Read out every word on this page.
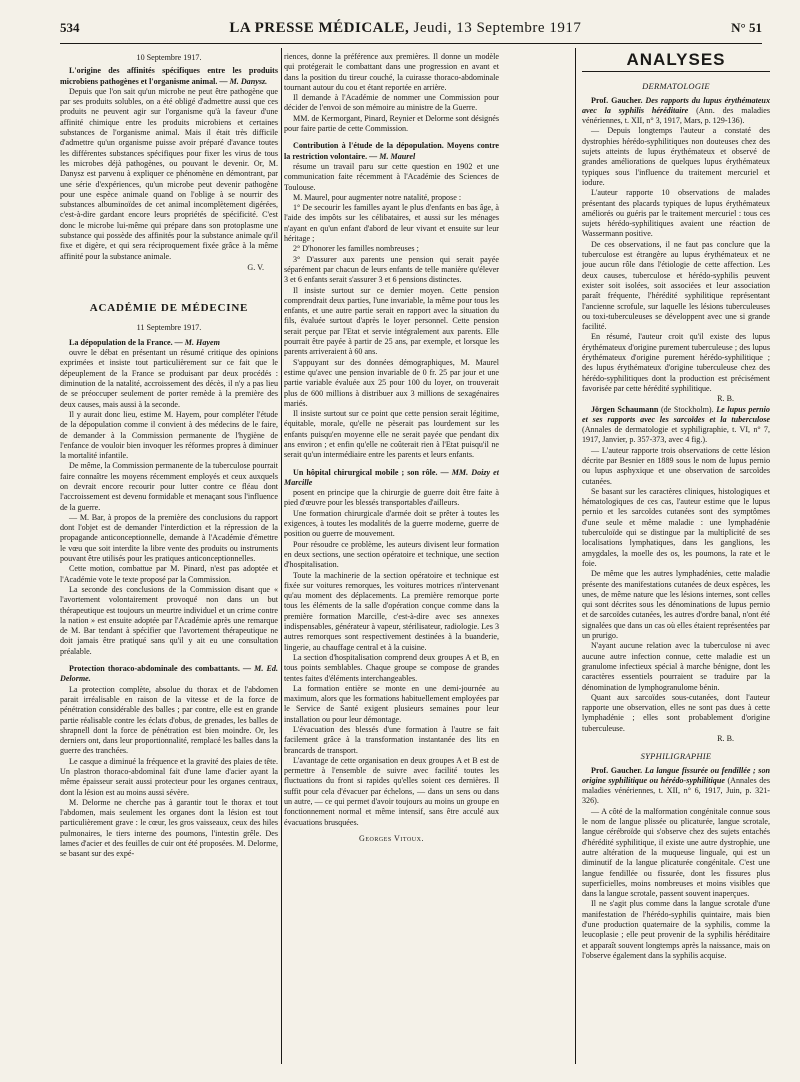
534	LA PRESSE MÉDICALE, Jeudi, 13 Septembre 1917	N° 51
10 Septembre 1917.

L'origine des affinités spécifiques entre les produits microbiens pathogènes et l'organisme animal. — M. Danysz.

Depuis que l'on sait qu'un microbe ne peut être pathogène que par ses produits solubles, on a été obligé d'admettre aussi que ces produits ne peuvent agir sur l'organisme qu'à la faveur d'une affinité chimique entre les produits microbiens et certaines substances de l'organisme animal. Mais il était très difficile d'admettre qu'un organisme puisse avoir préparé d'avance toutes les différentes substances spécifiques pour fixer les virus de tous les microbes déjà pathogènes, ou pouvant le devenir. Or, M. Danysz est parvenu à expliquer ce phénomène en démontrant, par une série d'expériences, qu'un microbe peut devenir pathogène pour une espèce animale quand on l'oblige à se nourrir des substances albuminoïdes de cet animal incomplètement digérées, c'est-à-dire gardant encore leurs propriétés de spécificité. C'est donc le microbe lui-même qui prépare dans son protoplasme une substance qui possède des affinités pour la substance animale qu'il fixe et digère, et qui sera réciproquement fixée grâce à la même affinité pour la substance animale.

G. V.
ACADÉMIE DE MÉDECINE
11 Septembre 1917.

La dépopulation de la France. — M. Hayem

ouvre le débat en présentant un résumé critique des opinions exprimées et insiste tout particulièrement sur ce fait que le dépeuplement de la France se produisant par deux procédés : diminution de la natalité, accroissement des décès, il n'y a pas lieu de se préoccuper seulement de porter remède à la première des deux causes, mais aussi à la seconde.

Il y aurait donc lieu, estime M. Hayem, pour compléter l'étude de la dépopulation comme il convient à des médecins de le faire, de demander à la Commission permanente de l'hygiène de l'enfance de vouloir bien invoquer les réformes propres à diminuer la mortalité infantile.

De même, la Commission permanente de la tuberculose pourrait faire connaître les moyens récemment employés et ceux auxquels on devrait encore recourir pour lutter contre ce fléau dont l'accroissement est devenu formidable et menaçant sous l'influence de la guerre.

— M. Bar, à propos de la première des conclusions du rapport dont l'objet est de demander l'interdiction et la répression de la propagande anticonceptionnelle, demande à l'Académie d'émettre le vœu que soit interdite la libre vente des produits ou instruments pouvant être utilisés pour les pratiques anticonceptionnelles.

Cette motion, combattue par M. Pinard, n'est pas adoptée et l'Académie vote le texte proposé par la Commission.

La seconde des conclusions de la Commission disant que « l'avortement volontairement provoqué non dans un but thérapeutique est toujours un meurtre individuel et un crime contre la nation » est ensuite adoptée par l'Académie après une remarque de M. Bar tendant à spécifier que l'avortement thérapeutique ne doit jamais être pratiqué sans qu'il y ait eu une consultation préalable.

Protection thoraco-abdominale des combattants. — M. Ed. Delorme.

La protection complète, absolue du thorax et de l'abdomen parait irréalisable en raison de la vitesse et de la force de pénétration considérable des balles ; par contre, elle est en grande partie réalisable contre les éclats d'obus, de grenades, les balles de shrapnell dont la force de pénétration est bien moindre. Or, les derniers ont, dans leur proportionnalité, remplacé les balles dans la guerre des tranchées.

Le casque a diminué la fréquence et la gravité des plaies de tête. Un plastron thoraco-abdominal fait d'une lame d'acier ayant la même épaisseur serait aussi protecteur pour les organes centraux, dont la lésion est au moins aussi sévère.

M. Delorme ne cherche pas à garantir tout le thorax et tout l'abdomen, mais seulement les organes dont la lésion est tout particulièrement grave : le cœur, les gros vaisseaux, ceux des hiles pulmonaires, le tiers interne des poumons, l'intestin grêle. Des lames d'acier et des feuilles de cuir ont été proposées. M. Delorme, se basant sur des expé-

riences, donne la préférence aux premières. Il donne un modèle qui protégerait le combattant dans une progression en avant et dans la position du tireur couché, la cuirasse thoraco-abdominale tournant autour du cou et étant reportée en arrière.

Il demande à l'Académie de nommer une Commission pour décider de l'envoi de son mémoire au ministre de la Guerre.

MM. de Kermorgant, Pinard, Reynier et Delorme sont désignés pour faire partie de cette Commission.

Contribution à l'étude de la dépopulation. Moyens contre la restriction volontaire. — M. Maurel

résume un travail paru sur cette question en 1902 et une communication faite récemment à l'Académie des Sciences de Toulouse.

M. Maurel, pour augmenter notre natalité, propose :

1° De secourir les familles ayant le plus d'enfants en bas âge, à l'aide des impôts sur les célibataires, et aussi sur les ménages n'ayant en qu'un enfant d'abord de leur vivant et ensuite sur leur héritage ;

2° D'honorer les familles nombreuses ;

3° D'assurer aux parents une pension qui serait payée séparément par chacun de leurs enfants de telle manière qu'élever 3 et 6 enfants serait s'assurer 3 et 6 pensions distinctes.

Il insiste surtout sur ce dernier moyen. Cette pension comprendrait deux parties, l'une invariable, la même pour tous les enfants, et une autre partie serait en rapport avec la situation du fils, évaluée surtout d'après le loyer personnel. Cette pension serait perçue par l'Etat et servie intégralement aux parents. Elle pourrait être payée à partir de 25 ans, par exemple, et lorsque les parents arriveraient à 60 ans.

S'appuyant sur des données démographiques, M. Maurel estime qu'avec une pension invariable de 0 fr. 25 par jour et une partie variable évaluée aux 25 pour 100 du loyer, on trouverait plus de 600 millions à distribuer aux 3 millions de sexagénaires mariés.

Il insiste surtout sur ce point que cette pension serait légitime, équitable, morale, qu'elle ne pèserait pas lourdement sur les enfants puisqu'en moyenne elle ne serait payée que pendant dix ans environ ; et enfin qu'elle ne coûterait rien à l'Etat puisqu'il ne serait qu'un intermédiaire entre les parents et leurs enfants.

Un hôpital chirurgical mobile ; son rôle. — MM. Doizy et Marcille

posent en principe que la chirurgie de guerre doit être faite à pied d'œuvre pour les blessés transportables d'ailleurs.

Une formation chirurgicale d'armée doit se prêter à toutes les exigences, à toutes les modalités de la guerre moderne, guerre de position ou guerre de mouvement.

Pour résoudre ce problème, les auteurs divisent leur formation en deux sections, une section opératoire et technique, une section d'hospitalisation.

Toute la machinerie de la section opératoire et technique est fixée sur voitures remorques, les voitures motrices n'intervenant qu'au moment des déplacements. La première remorque porte tous les éléments de la salle d'opération conçue comme dans la première formation Marcille, c'est-à-dire avec ses annexes indispensables, générateur à vapeur, stérilisateur, radiologie. Les 3 autres remorques sont respectivement destinées à la buanderie, lingerie, au chauffage central et à la cuisine.

La section d'hospitalisation comprend deux groupes A et B, en tous points semblables. Chaque groupe se compose de grandes tentes faites d'éléments interchangeables.

La formation entière se monte en une demi-journée au maximum, alors que les formations habituellement employées par le Service de Santé exigent plusieurs semaines pour leur installation ou pour leur démontage.

L'évacuation des blessés d'une formation à l'autre se fait facilement grâce à la transformation instantanée des lits en brancards de transport.

L'avantage de cette organisation en deux groupes A et B est de permettre à l'ensemble de suivre avec facilité toutes les fluctuations du front si rapides qu'elles soient ces dernières. Il suffit pour cela d'évacuer par échelons, — dans un sens ou dans un autre, — ce qui permet d'avoir toujours au moins un groupe en fonctionnement normal et même intensif, sans être acculé aux évacuations brusquées.

Georges Vitoux.
ANALYSES
DERMATOLOGIE

Prof. Gaucher. Des rapports du lupus érythémateux avec la syphilis héréditaire (Ann. des maladies vénériennes, t. XII, n° 3, 1917, Mars, p. 129-136).

— Depuis longtemps l'auteur a constaté des dystrophies hérédo-syphilitiques non douteuses chez des sujets atteints de lupus érythémateux et observé de grandes améliorations de quelques lupus érythémateux typiques sous l'influence du traitement mercuriel et iodure.

L'auteur rapporte 10 observations de malades présentant des placards typiques de lupus érythémateux améliorés ou guéris par le traitement mercuriel : tous ces sujets hérédo-syphilitiques avaient une réaction de Wassermann positive.

De ces observations, il ne faut pas conclure que la tuberculose est étrangère au lupus érythémateux et ne joue aucun rôle dans l'étiologie de cette affection. Les deux causes, tuberculose et hérédo-syphilis peuvent exister soit isolées, soit associées et leur association paraît fréquente, l'hérédité syphilitique représentant l'ancienne scrofule, sur laquelle les lésions tuberculeuses ou toxi-tuberculeuses se développent avec une si grande facilité.

En résumé, l'auteur croit qu'il existe des lupus érythémateux d'origine purement tuberculeuse ; des lupus érythémateux d'origine purement hérédo-syphilitique ; des lupus érythémateux d'origine tuberculeuse chez des hérédo-syphilitiques dont la production est précisément favorisée par cette hérédité syphilitique.

R. B.

Jörgen Schaumann (de Stockholm). Le lupus pernio et ses rapports avec les sarcoïdes et la tuberculose (Annales de dermatologie et syphiligraphie, t. VI, n° 7, 1917, Janvier, p. 357-373, avec 4 fig.).

— L'auteur rapporte trois observations de cette lésion décrite par Besnier en 1889 sous le nom de lupus pernio ou lupus asphyxique et une observation de sarcoïdes cutanées.

Se basant sur les caractères cliniques, histologiques et hématologiques de ces cas, l'auteur estime que le lupus pernio et les sarcoïdes cutanées sont des symptômes d'une seule et même maladie : une lymphadénie tuberculoïde qui se distingue par la multiplicité de ses localisations lymphatiques, dans les ganglions, les amygdales, la moelle des os, les poumons, la rate et le foie.

De même que les autres lymphadénies, cette maladie présente des manifestations cutanées de deux espèces, les unes, de même nature que les lésions internes, sont celles qui sont décrites sous les dénominations de lupus pernio et de sarcoïdes cutanées, les autres d'ordre banal, n'ont été signalées que dans un cas où elles étaient représentées par un prurigo.

N'ayant aucune relation avec la tuberculose ni avec aucune autre infection connue, cette maladie est un granulome infectieux spécial à marche bénigne, dont les caractères essentiels pourraient se traduire par la dénomination de lymphogranulome bénin.

Quant aux sarcoïdes sous-cutanées, dont l'auteur rapporte une observation, elles ne sont pas dues à cette lymphadénie ; elles sont probablement d'origine tuberculeuse.

R. B.
SYPHILIGRAPHIE

Prof. Gaucher. La langue fissurée ou fendillée ; son origine syphilitique ou hérédo-syphilitique (Annales des maladies vénériennes, t. XII, n° 6, 1917, Juin, p. 321-326).

— A côté de la malformation congénitale connue sous le nom de langue plissée ou plicaturée, langue scrotale, langue cérébroïde qui s'observe chez des sujets entachés d'hérédité syphilitique, il existe une autre dystrophie, une autre altération de la muqueuse linguale, qui est un diminutif de la langue plicaturée congénitale. C'est une langue fendillée ou fissurée, dont les fissures plus superficielles, moins nombreuses et moins visibles que dans la langue scrotale, passent souvent inaperçues.

Il ne s'agit plus comme dans la langue scrotale d'une manifestation de l'hérédo-syphilis quintaire, mais bien d'une production quaternaire de la syphilis, comme la leucoplasie ; elle peut provenir de la syphilis héréditaire et apparaît souvent longtemps après la naissance, mais on l'observe également dans la syphilis acquise.
